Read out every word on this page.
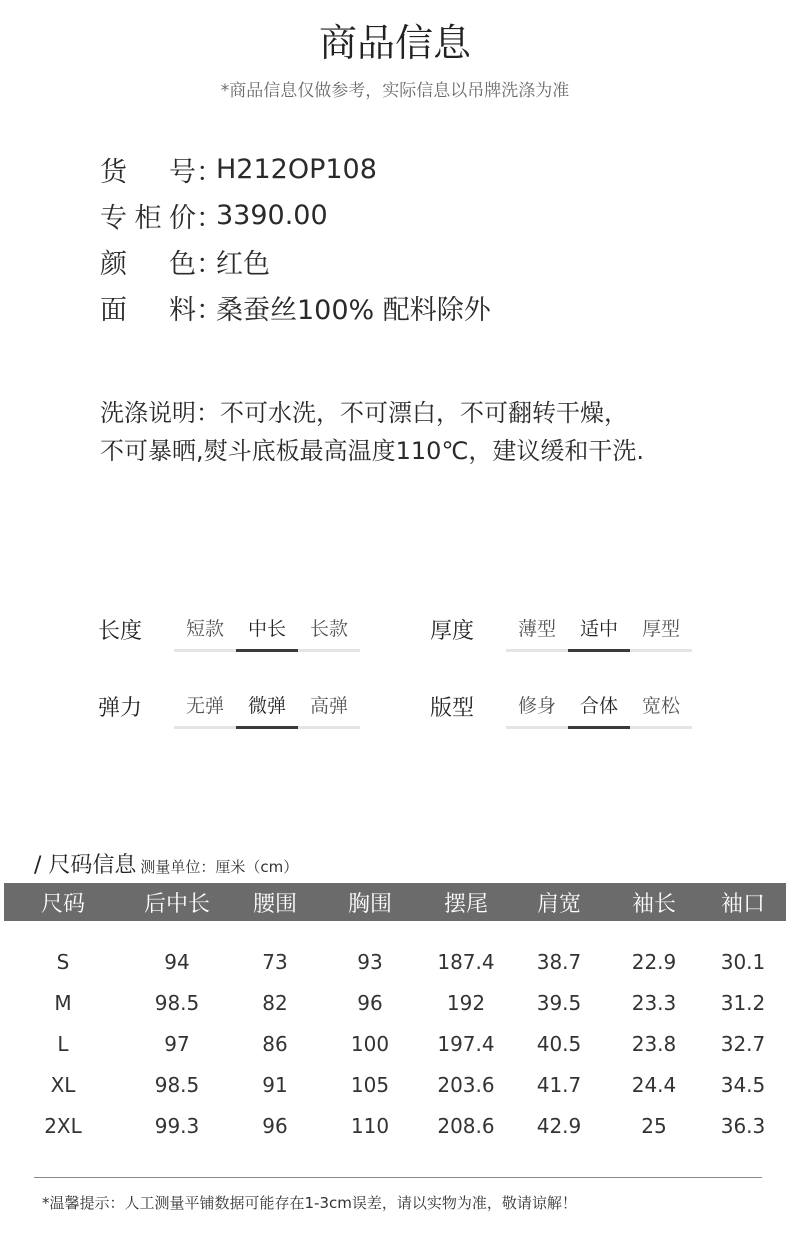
商品信息
*商品信息仅做参考，实际信息以吊牌洗涤为准
货号 ：
H212OP108
专柜价 ：
3390.00
颜色 ：
红色
面料 ：
桑蚕丝100% 配料除外
洗涤说明：不可水洗，不可漂白，不可翻转干燥，
不可暴晒,熨斗底板最高温度110℃，建议缓和干洗.
长度	短款	中长	长款	厚度	薄型	适中	厚型
弹力	无弹	微弹	高弹	版型	修身	合体	宽松
/ 尺码信息 测量单位：厘米（cm）
尺码	后中长	腰围	胸围	摆尾	肩宽	袖长	袖口
S	94	73	93	187.4	38.7	22.9	30.1
M	98.5	82	96	192	39.5	23.3	31.2
L	97	86	100	197.4	40.5	23.8	32.7
XL	98.5	91	105	203.6	41.7	24.4	34.5
2XL	99.3	96	110	208.6	42.9	25	36.3
*温馨提示：人工测量平铺数据可能存在1-3cm误差，请以实物为准，敬请谅解！
